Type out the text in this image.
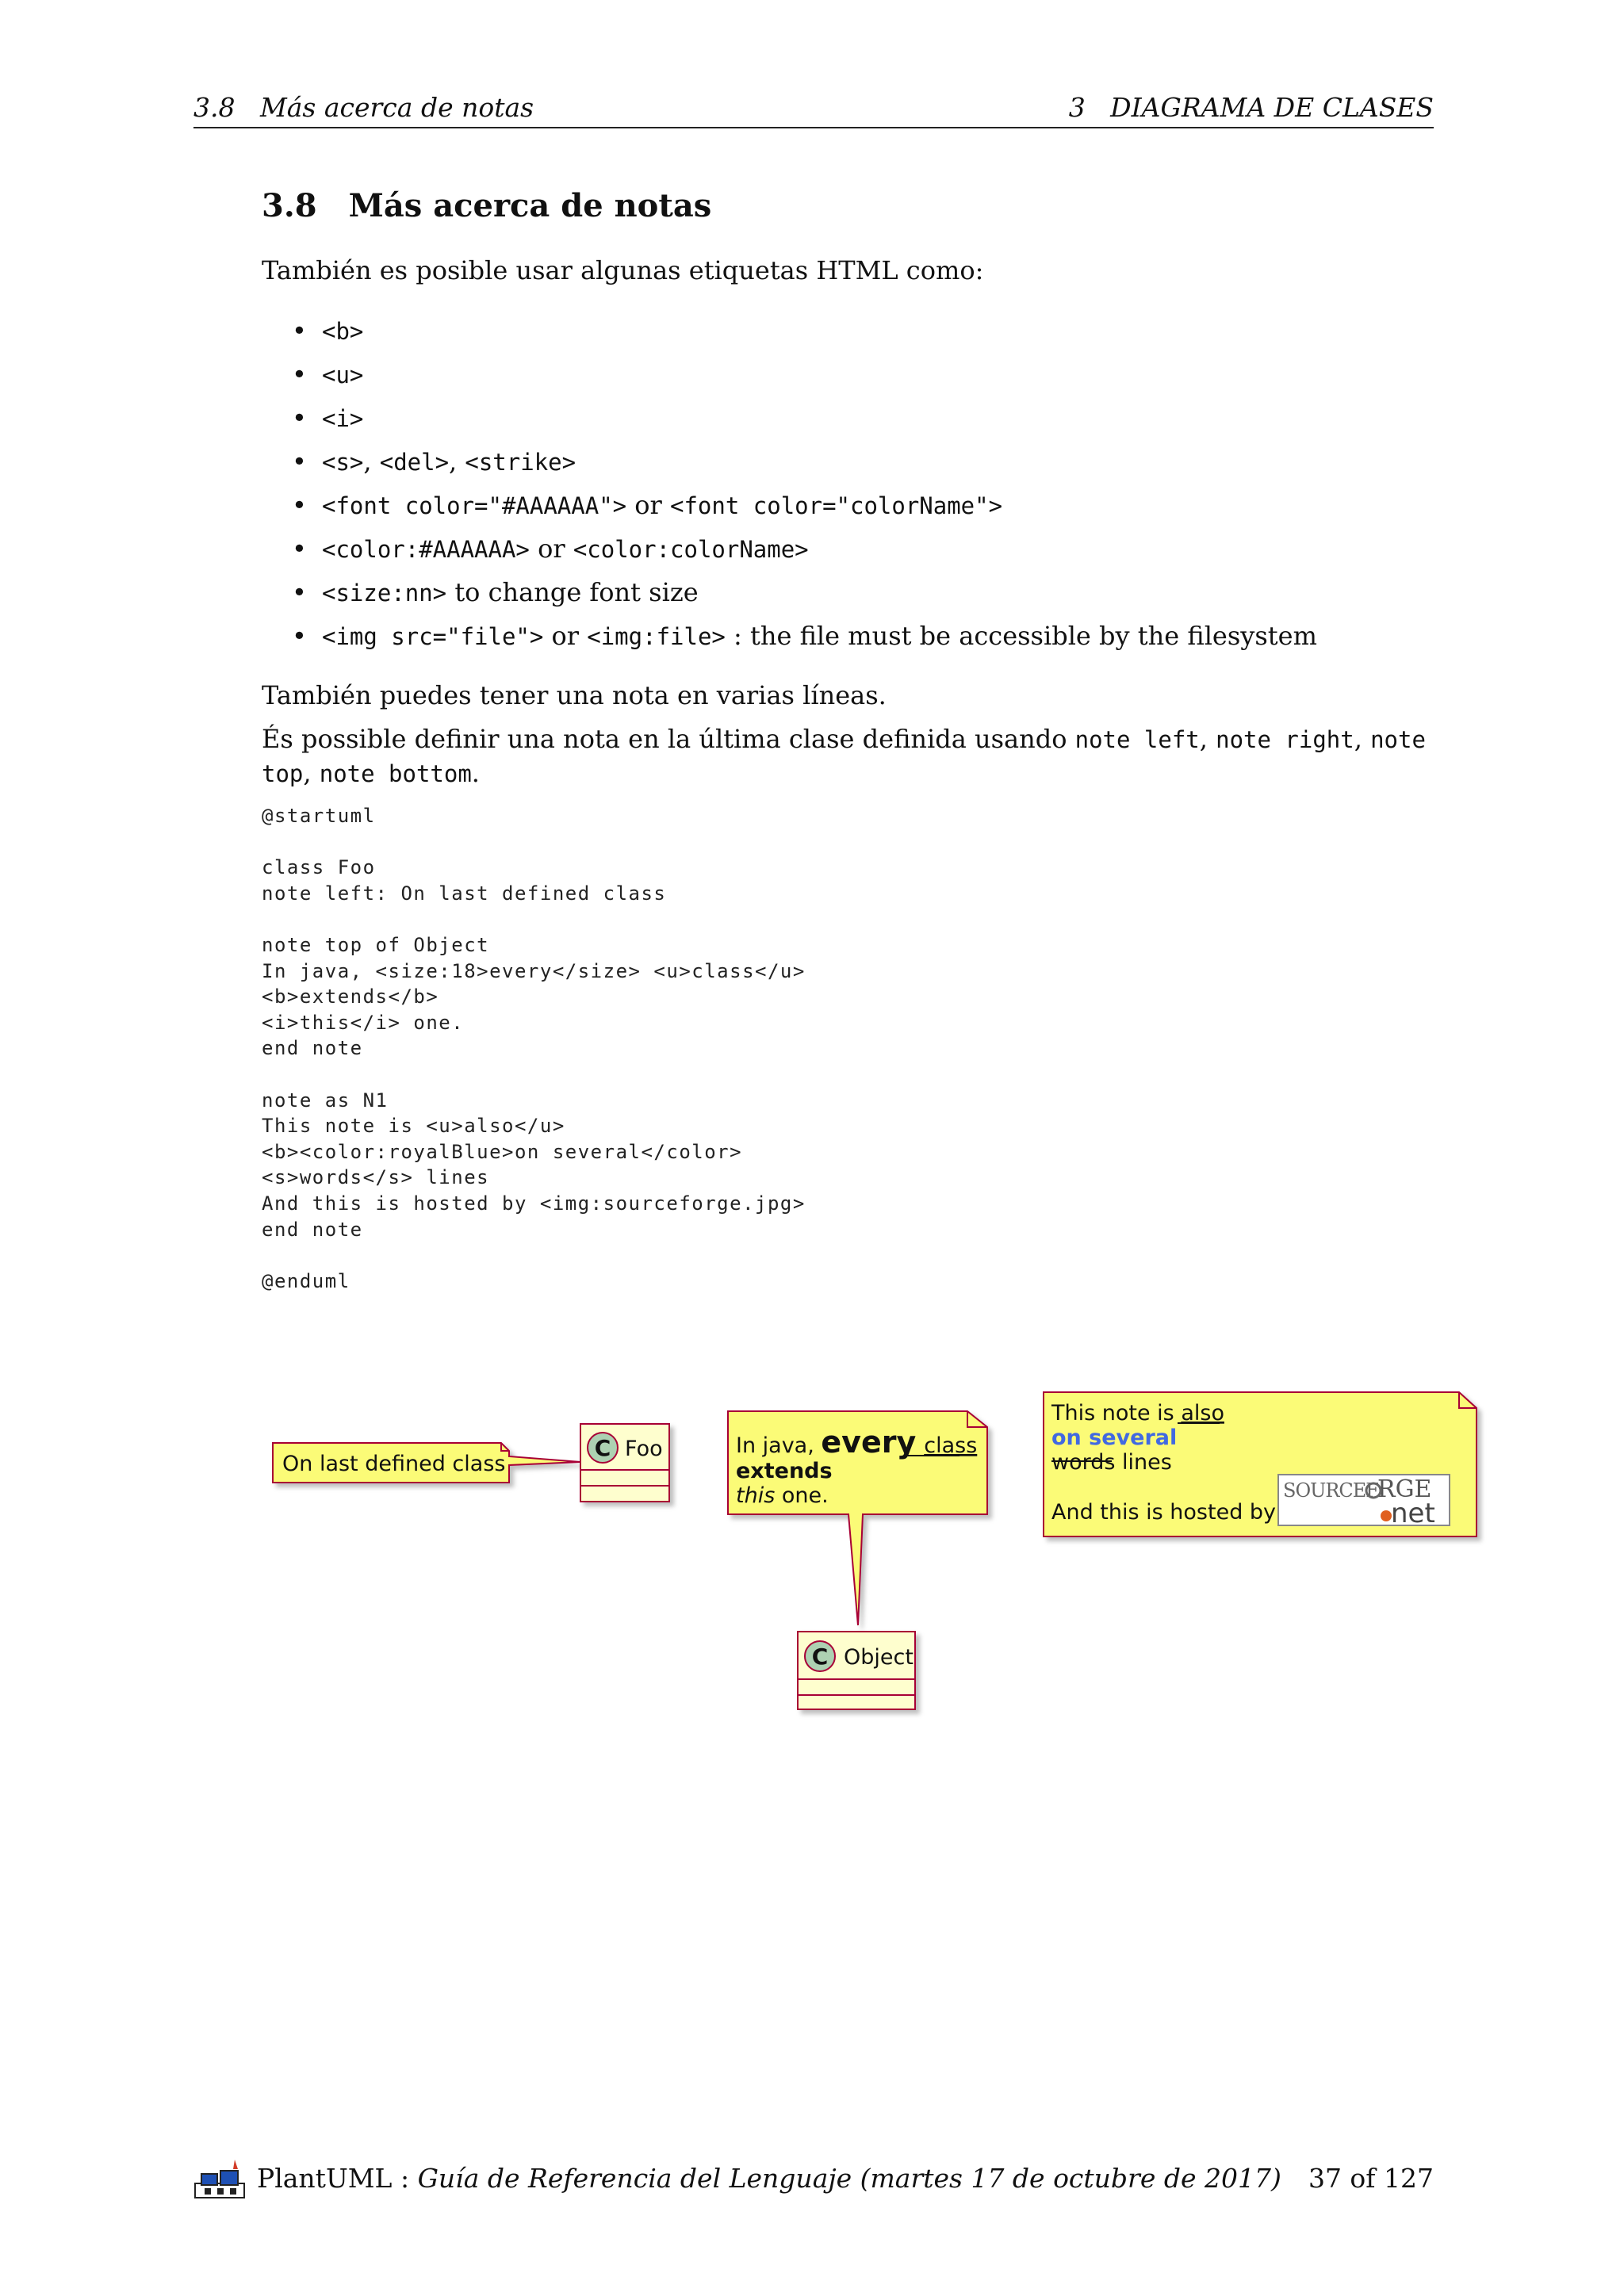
3.8   Más acerca de notas	3   DIAGRAMA DE CLASES
3.8 Más acerca de notas

También es posible usar algunas etiquetas HTML como:

• <b>
• <u>
• <i>
• <s>, <del>, <strike>
• <font color="#AAAAAA"> or <font color="colorName">
• <color:#AAAAAA> or <color:colorName>
• <size:nn> to change font size
• <img src="file"> or <img:file> : the file must be accessible by the filesystem

También puedes tener una nota en varias líneas.

És possible definir una nota en la última clase definida usando note left, note right, note top, note bottom.

@startuml

class Foo
note left: On last defined class

note top of Object
In java, <size:18>every</size> <u>class</u>
<b>extends</b>
<i>this</i> one.
end note

note as N1
This note is <u>also</u>
<b><color:royalBlue>on several</color>
<s>words</s> lines
And this is hosted by <img:sourceforge.jpg>
end note

@enduml
On last defined class
C Foo	In java, every class
extends
this one.
C Object
This note is also
on several
words lines
And this is hosted by
SOURCEF RGE
net
PlantUML : Guía de Referencia del Lenguaje (martes 17 de octubre de 2017) 37 of 127
